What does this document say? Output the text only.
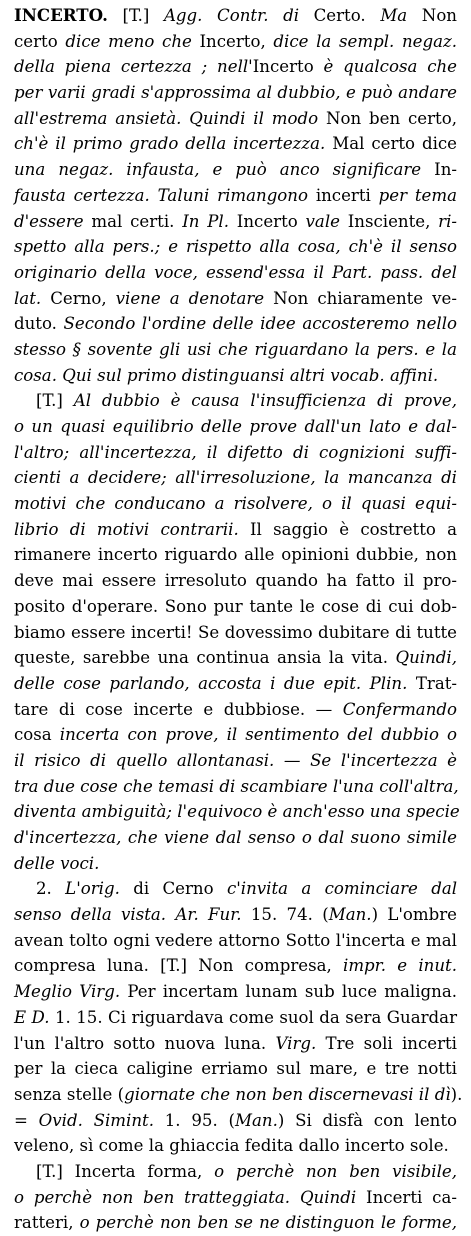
INCERTO. [T.] Agg. Contr. di Certo. Ma Non
certo dice meno che Incerto, dice la sempl. negaz.
della piena certezza ; nell'Incerto è qualcosa che
per varii gradi s'approssima al dubbio, e può andare
all'estrema ansietà. Quindi il modo Non ben certo,
ch'è il primo grado della incertezza. Mal certo dice
una negaz. infausta, e può anco significare In-
fausta certezza. Taluni rimangono incerti per tema
d'essere mal certi. In Pl. Incerto vale Insciente, ri-
spetto alla pers.; e rispetto alla cosa, ch'è il senso
originario della voce, essend'essa il Part. pass. del
lat. Cerno, viene a denotare Non chiaramente ve-
duto. Secondo l'ordine delle idee accosteremo nello
stesso § sovente gli usi che riguardano la pers. e la
cosa. Qui sul primo distinguansi altri vocab. affini.
[T.] Al dubbio è causa l'insufficienza di prove,
o un quasi equilibrio delle prove dall'un lato e dal-
l'altro; all'incertezza, il difetto di cognizioni suffi-
cienti a decidere; all'irresoluzione, la mancanza di
motivi che conducano a risolvere, o il quasi equi-
librio di motivi contrarii. Il saggio è costretto a
rimanere incerto riguardo alle opinioni dubbie, non
deve mai essere irresoluto quando ha fatto il pro-
posito d'operare. Sono pur tante le cose di cui dob-
biamo essere incerti! Se dovessimo dubitare di tutte
queste, sarebbe una continua ansia la vita. Quindi,
delle cose parlando, accosta i due epit. Plin. Trat-
tare di cose incerte e dubbiose. — Confermando
cosa incerta con prove, il sentimento del dubbio o
il risico di quello allontanasi. — Se l'incertezza è
tra due cose che temasi di scambiare l'una coll'altra,
diventa ambiguità; l'equivoco è anch'esso una specie
d'incertezza, che viene dal senso o dal suono simile
delle voci.
2. L'orig. di Cerno c'invita a cominciare dal
senso della vista. Ar. Fur. 15. 74. (Man.) L'ombre
avean tolto ogni vedere attorno Sotto l'incerta e mal
compresa luna. [T.] Non compresa, impr. e inut.
Meglio Virg. Per incertam lunam sub luce maligna.
E D. 1. 15. Ci riguardava come suol da sera Guardar
l'un l'altro sotto nuova luna. Virg. Tre soli incerti
per la cieca caligine erriamo sul mare, e tre notti
senza stelle (giornate che non ben discernevasi il dì).
= Ovid. Simint. 1. 95. (Man.) Si disfà con lento
veleno, sì come la ghiaccia fedita dallo incerto sole.
[T.] Incerta forma, o perchè non ben visibile,
o perchè non ben tratteggiata. Quindi Incerti ca-
ratteri, o perchè non ben se ne distinguon le forme,
